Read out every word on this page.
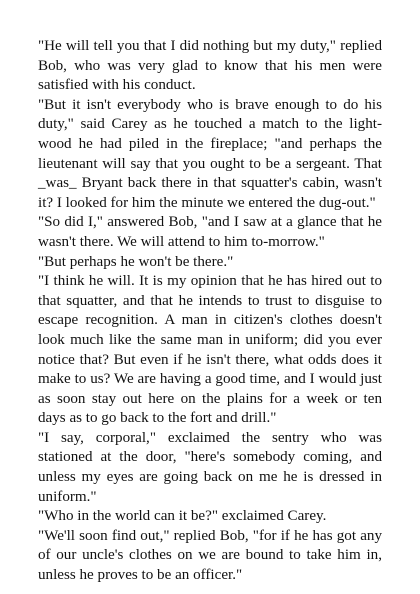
"He will tell you that I did nothing but my duty," replied Bob, who was very glad to know that his men were satisfied with his conduct.

"But it isn't everybody who is brave enough to do his duty," said Carey as he touched a match to the light-wood he had piled in the fireplace; "and perhaps the lieutenant will say that you ought to be a sergeant. That _was_ Bryant back there in that squatter's cabin, wasn't it? I looked for him the minute we entered the dug-out."

"So did I," answered Bob, "and I saw at a glance that he wasn't there. We will attend to him to-morrow."

"But perhaps he won't be there."

"I think he will. It is my opinion that he has hired out to that squatter, and that he intends to trust to disguise to escape recognition. A man in citizen's clothes doesn't look much like the same man in uniform; did you ever notice that? But even if he isn't there, what odds does it make to us? We are having a good time, and I would just as soon stay out here on the plains for a week or ten days as to go back to the fort and drill."

"I say, corporal," exclaimed the sentry who was stationed at the door, "here's somebody coming, and unless my eyes are going back on me he is dressed in uniform."

"Who in the world can it be?" exclaimed Carey.

"We'll soon find out," replied Bob, "for if he has got any of our uncle's clothes on we are bound to take him in, unless he proves to be an officer."
